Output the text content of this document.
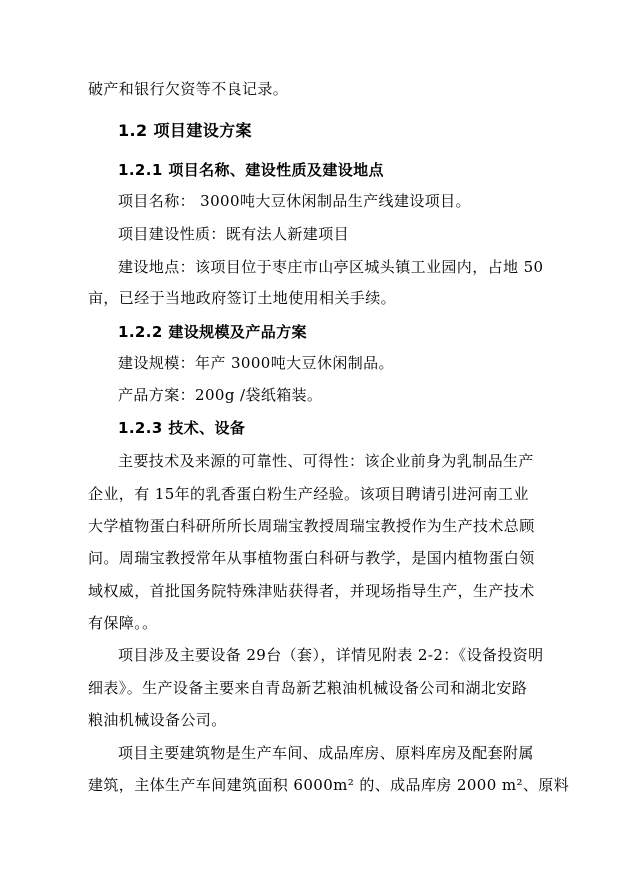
破产和银行欠资等不良记录。
1.2 项目建设方案
1.2.1 项目名称、建设性质及建设地点
项目名称： 3000吨大豆休闲制品生产线建设项目。
项目建设性质：既有法人新建项目
建设地点：该项目位于枣庄市山亭区城头镇工业园内，占地 50
亩，已经于当地政府签订土地使用相关手续。
1.2.2 建设规模及产品方案
建设规模：年产 3000吨大豆休闲制品。
产品方案：200g /袋纸箱装。
1.2.3 技术、设备
主要技术及来源的可靠性、可得性：该企业前身为乳制品生产
企业，有 15年的乳香蛋白粉生产经验。该项目聘请引进河南工业
大学植物蛋白科研所所长周瑞宝教授周瑞宝教授作为生产技术总顾
问。周瑞宝教授常年从事植物蛋白科研与教学，是国内植物蛋白领
域权威，首批国务院特殊津贴获得者，并现场指导生产，生产技术
有保障。。
项目涉及主要设备 29台（套），详情见附表 2-2：《设备投资明
细表》。生产设备主要来自青岛新艺粮油机械设备公司和湖北安路
粮油机械设备公司。
项目主要建筑物是生产车间、成品库房、原料库房及配套附属
建筑，主体生产车间建筑面积 6000m² 的、成品库房 2000 m²、原料
